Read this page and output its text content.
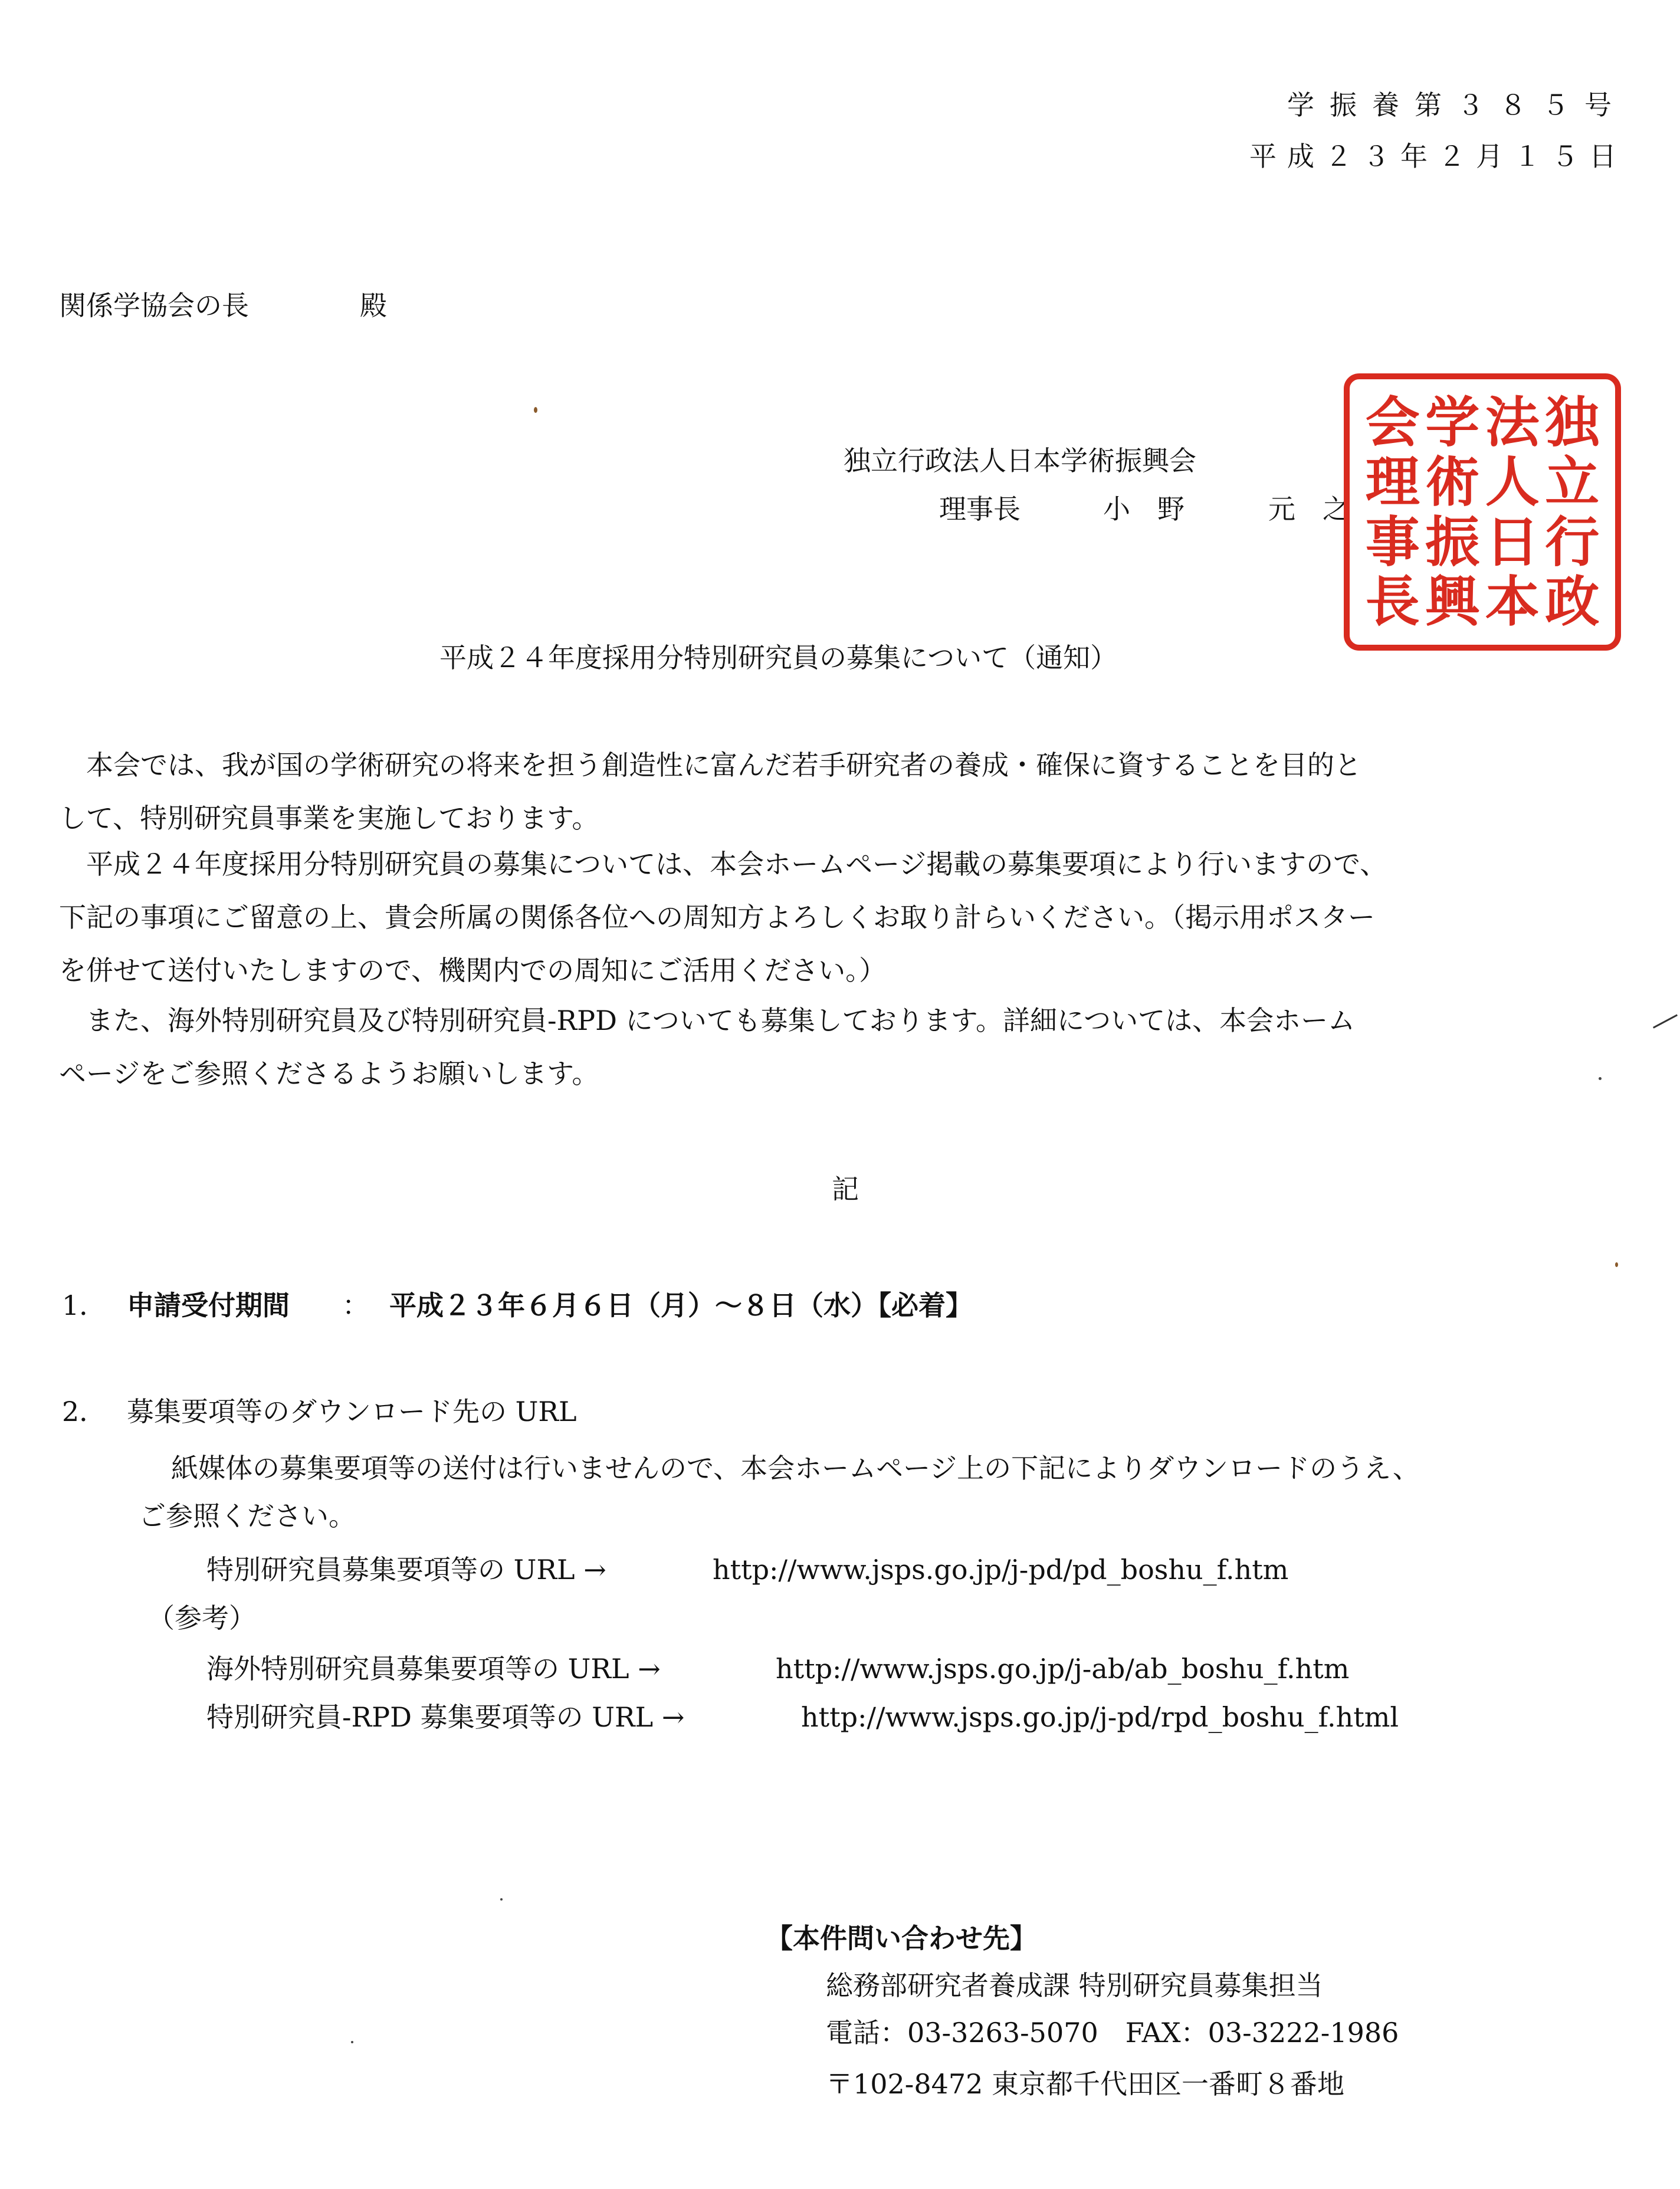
学振養第３８５号
平成２３年２月１５日
関係学協会の長	殿
独立行政法人日本学術振興会
理事長	小　野	元　之
会 学 法 独
理 術 人 立
事 振 日 行
長 興 本 政
平成２４年度採用分特別研究員の募集について（通知）
　本会では、我が国の学術研究の将来を担う創造性に富んだ若手研究者の養成・確保に資することを目的と
して、特別研究員事業を実施しております。
　平成２４年度採用分特別研究員の募集については、本会ホームページ掲載の募集要項により行いますので、
下記の事項にご留意の上、貴会所属の関係各位への周知方よろしくお取り計らいください。（掲示用ポスター
を併せて送付いたしますので、機関内での周知にご活用ください。）
　また、海外特別研究員及び特別研究員-RPD についても募集しております。詳細については、本会ホーム
ページをご参照くださるようお願いします。
記
1． 申請受付期間 ： 平成２３年６月６日（月）～８日（水）【必着】
2． 募集要項等のダウンロード先の URL
紙媒体の募集要項等の送付は行いませんので、本会ホームページ上の下記によりダウンロードのうえ、
ご参照ください。
特別研究員募集要項等の URL →	http://www.jsps.go.jp/j-pd/pd_boshu_f.htm
（参考）
海外特別研究員募集要項等の URL →	http://www.jsps.go.jp/j-ab/ab_boshu_f.htm
特別研究員-RPD 募集要項等の URL →	http://www.jsps.go.jp/j-pd/rpd_boshu_f.html
【本件問い合わせ先】
総務部研究者養成課 特別研究員募集担当
電話：03-3263-5070　FAX：03-3222-1986
〒102-8472 東京都千代田区一番町８番地
